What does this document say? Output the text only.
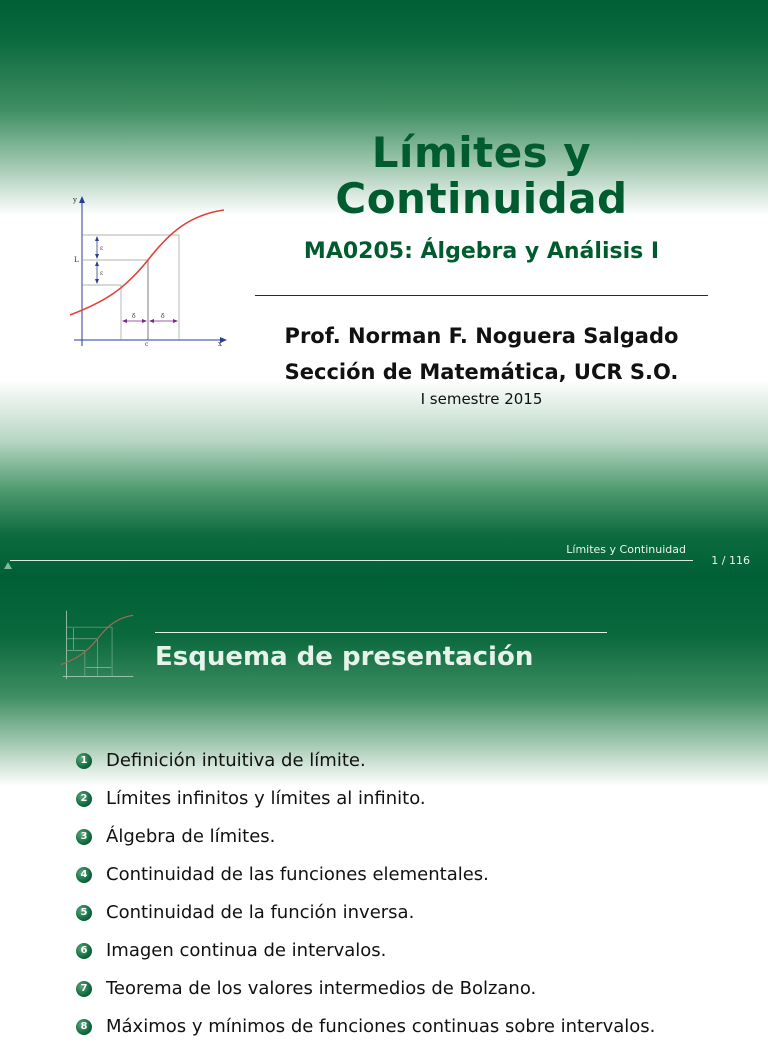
y
x
L
ε
ε
δ	δ
c
Límites y
Continuidad
MA0205: Álgebra y Análisis I
Prof. Norman F. Noguera Salgado
Sección de Matemática, UCR S.O.
I semestre 2015
Límites y Continuidad
1 / 116
Esquema de presentación
1 Definición intuitiva de límite.
2 Límites infinitos y límites al infinito.
3 Álgebra de límites.
4 Continuidad de las funciones elementales.
5 Continuidad de la función inversa.
6 Imagen continua de intervalos.
7 Teorema de los valores intermedios de Bolzano.
8 Máximos y mínimos de funciones continuas sobre intervalos.
